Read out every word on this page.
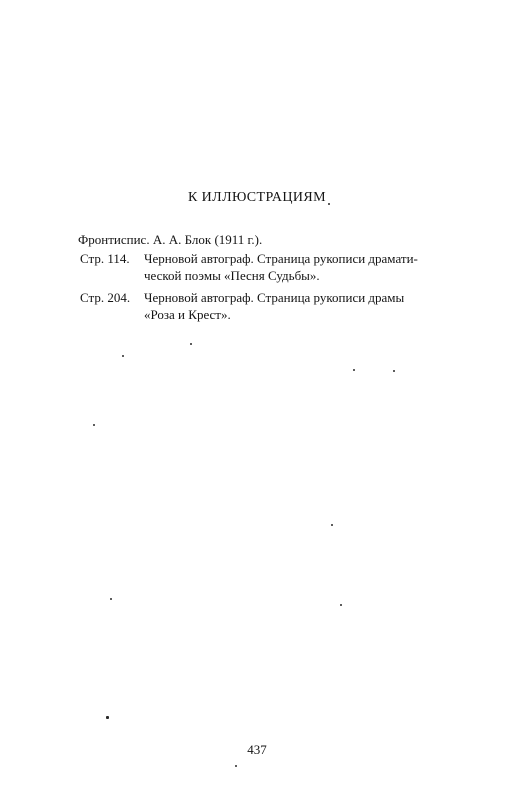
К ИЛЛЮСТРАЦИЯМ
Фронтиспис. А. А. Блок (1911 г.).
Стр. 114. Черновой автограф. Страница рукописи драмати-
ческой поэмы «Песня Судьбы».
Стр. 204. Черновой автограф. Страница рукописи драмы
«Роза и Крест».
437
